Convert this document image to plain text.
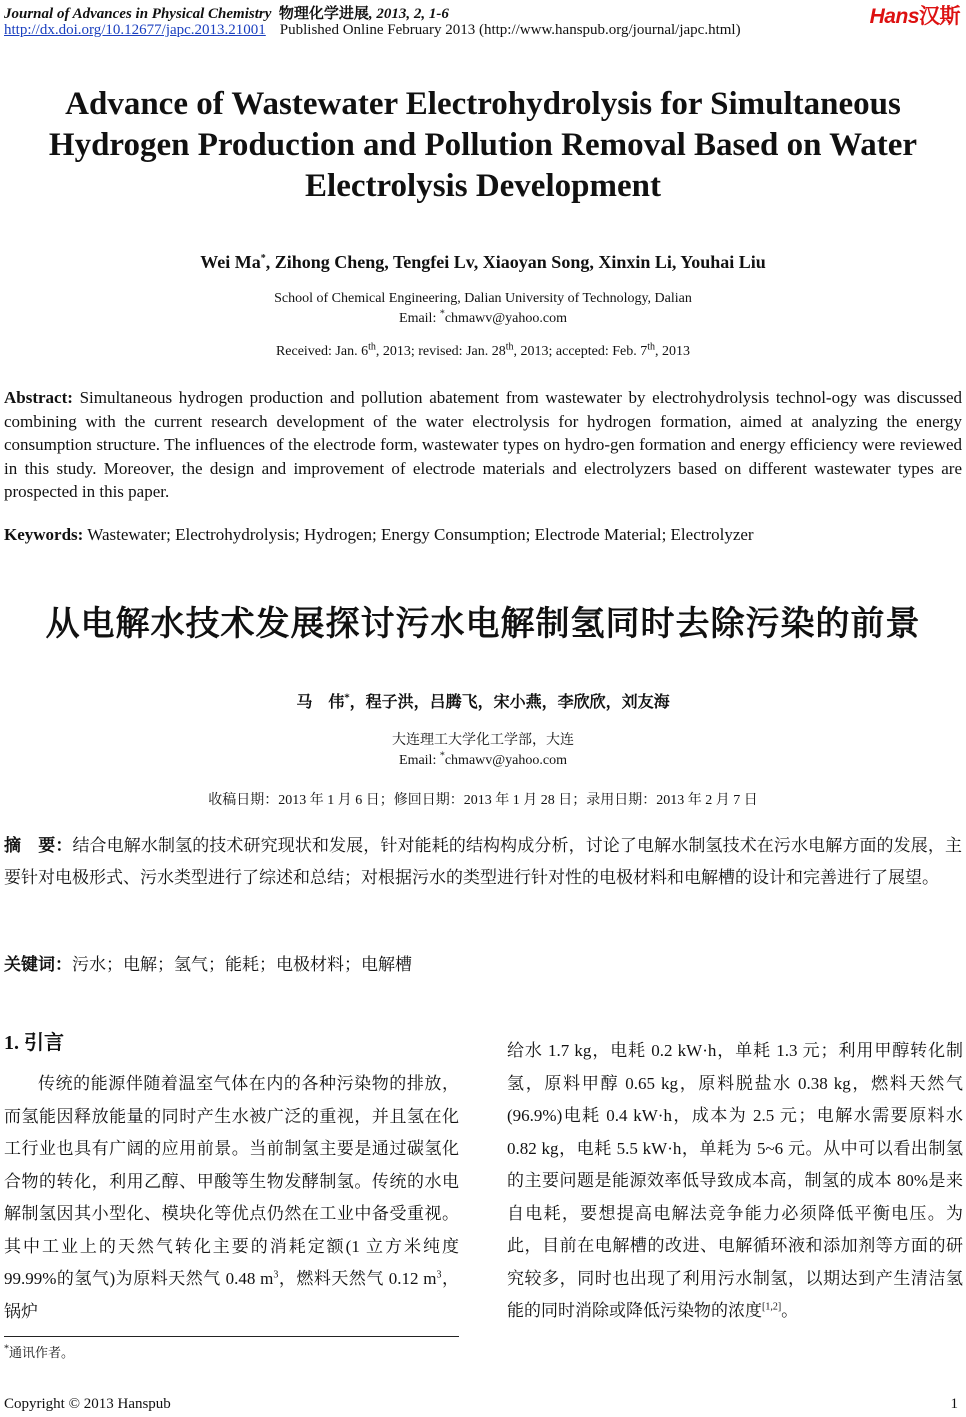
Journal of Advances in Physical Chemistry 物理化学进展, 2013, 2, 1-6	Hans汉斯
http://dx.doi.org/10.12677/japc.2013.21001 Published Online February 2013 (http://www.hanspub.org/journal/japc.html)
Advance of Wastewater Electrohydrolysis for Simultaneous Hydrogen Production and Pollution Removal Based on Water Electrolysis Development
Wei Ma*, Zihong Cheng, Tengfei Lv, Xiaoyan Song, Xinxin Li, Youhai Liu
School of Chemical Engineering, Dalian University of Technology, Dalian
Email: *chmawv@yahoo.com
Received: Jan. 6th, 2013; revised: Jan. 28th, 2013; accepted: Feb. 7th, 2013
Abstract: Simultaneous hydrogen production and pollution abatement from wastewater by electrohydrolysis technol-ogy was discussed combining with the current research development of the water electrolysis for hydrogen formation, aimed at analyzing the energy consumption structure. The influences of the electrode form, wastewater types on hydro-gen formation and energy efficiency were reviewed in this study. Moreover, the design and improvement of electrode materials and electrolyzers based on different wastewater types are prospected in this paper.
Keywords: Wastewater; Electrohydrolysis; Hydrogen; Energy Consumption; Electrode Material; Electrolyzer
从电解水技术发展探讨污水电解制氢同时去除污染的前景
马　伟*，程子洪，吕腾飞，宋小燕，李欣欣，刘友海
大连理工大学化工学部，大连
Email: *chmawv@yahoo.com
收稿日期：2013 年 1 月 6 日；修回日期：2013 年 1 月 28 日；录用日期：2013 年 2 月 7 日
摘　要：结合电解水制氢的技术研究现状和发展，针对能耗的结构构成分析，讨论了电解水制氢技术在污水电解方面的发展，主要针对电极形式、污水类型进行了综述和总结；对根据污水的类型进行针对性的电极材料和电解槽的设计和完善进行了展望。
关键词：污水；电解；氢气；能耗；电极材料；电解槽
1. 引言
传统的能源伴随着温室气体在内的各种污染物的排放，而氢能因释放能量的同时产生水被广泛的重视，并且氢在化工行业也具有广阔的应用前景。当前制氢主要是通过碳氢化合物的转化，利用乙醇、甲酸等生物发酵制氢。传统的水电解制氢因其小型化、模块化等优点仍然在工业中备受重视。其中工业上的天然气转化主要的消耗定额(1 立方米纯度 99.99%的氢气)为原料天然气 0.48 $m^3$，燃料天然气 0.12 $m^3$，锅炉
给水 1.7 kg，电耗 0.2 kW·h，单耗 1.3 元；利用甲醇转化制氢，原料甲醇 0.65 kg，原料脱盐水 0.38 kg，燃料天然气(96.9%)电耗 0.4 kW·h，成本为 2.5 元；电解水需要原料水 0.82 kg，电耗 5.5 kW·h，单耗为 5~6 元。从中可以看出制氢的主要问题是能源效率低导致成本高，制氢的成本 80%是来自电耗，要想提高电解法竞争能力必须降低平衡电压。为此，目前在电解槽的改进、电解循环液和添加剂等方面的研究较多，同时也出现了利用污水制氢，以期达到产生清洁氢能的同时消除或降低污染物的浓度[1,2]。
*通讯作者。
Copyright © 2013 Hanspub	1
